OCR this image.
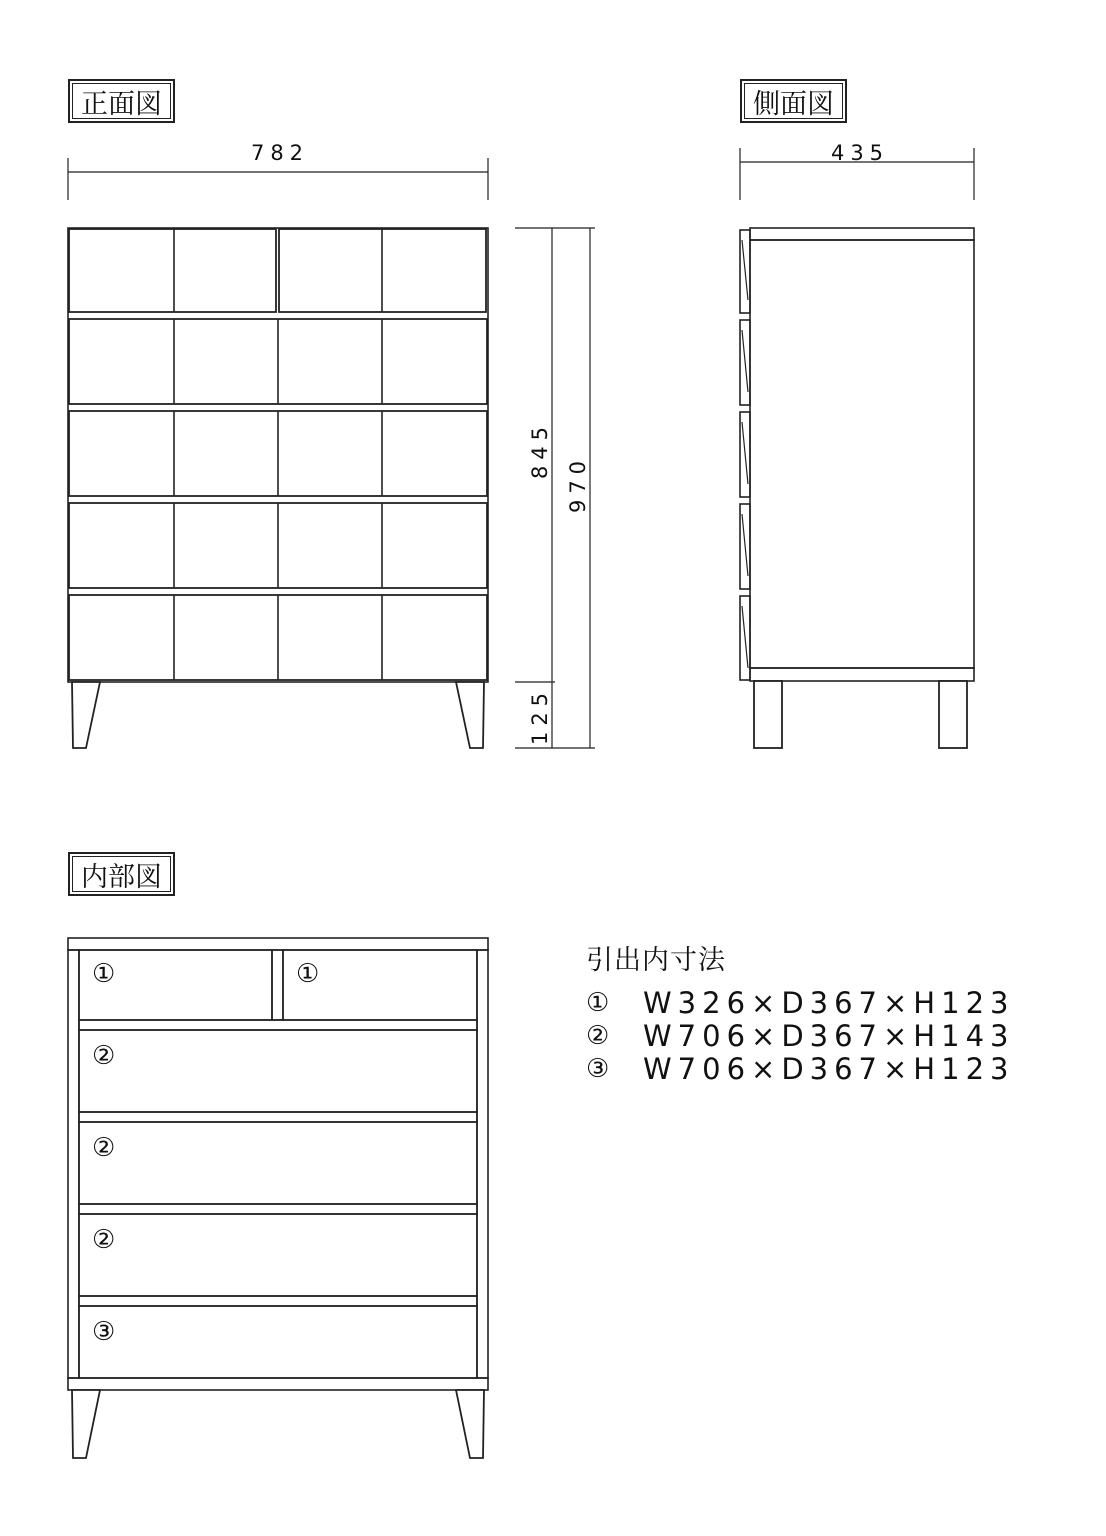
正面図	側面図
内部図
782
845
970
125
435
①	①
②
②
②
③
引出内寸法
①	W326×D367×H123
②	W706×D367×H143
③	W706×D367×H123
